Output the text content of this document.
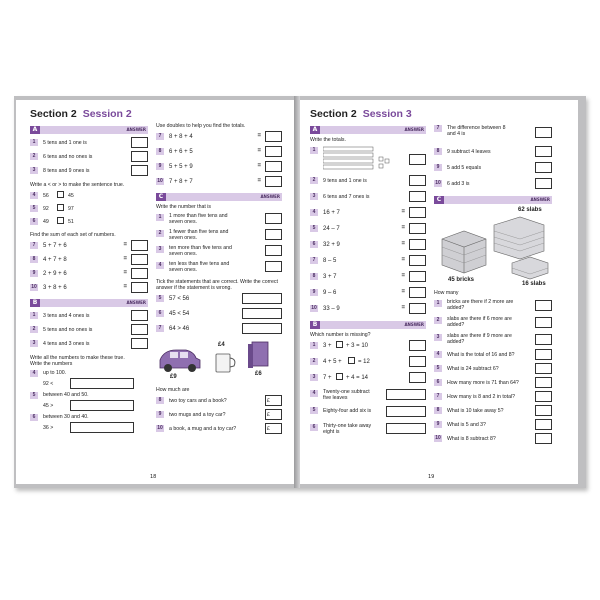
Section 2 Session 2
A	ANSWER
1	5 tens and 1 one is
2	6 tens and no ones is
3	8 tens and 9 ones is
Write a < or > to make the sentence true.
4	56	45
5	92	97
6	49	51
Find the sum of each set of numbers.
7	5 + 7 + 6	=
8	4 + 7 + 8	=
9	2 + 9 + 6	=
10 3 + 8 + 6	=
B	ANSWER
1	3 tens and 4 ones is
2	5 tens and no ones is
3	4 tens and 3 ones is
Write all the numbers to make these true.
Write the numbers
4	up to 100.
92 <
5	between 40 and 50.
45 >
6	between 30 and 40.
36 >
Use doubles to help you find the totals.
7	8 + 8 + 4	=
8	6 + 6 + 5	=
9	5 + 5 + 9	=
10 7 + 8 + 7	=
C	ANSWER
Write the number that is
1	1 more than five tens and seven ones.
2	1 fewer than five tens and seven ones.
3	ten more than five tens and seven ones.
4	ten less than five tens and seven ones.
Tick the statements that are correct. Write the correct answer if the statement is wrong.
5	57 < 56
6	45 < 54
7	64 > 46
£9
£4
£6
How much are
8	two toy cars and a book?	£
9	two mugs and a toy car?	£
10 a book, a mug and a toy car?	£
18
Section 2 Session 3
A	ANSWER
Write the totals.
1
2	9 tens and 1 one is
3	6 tens and 7 ones is
4	16 + 7	=
5	24 – 7	=
6	32 + 9	=
7	8 – 5	=
8	3 + 7	=
9	9 – 6	=
10 33 – 9	=
B	ANSWER
Which number is missing?
1	3 + + 3 = 10
2	4 + 5 +	= 12
3	7 + + 4 = 14
4	Twenty-one subtract five leaves
5	Eighty-four add six is
6	Thirty-one take away eight is
7	The difference between 8 and 4 is
8	9 subtract 4 leaves
9	5 add 5 equals
10 6 add 3 is
C	ANSWER
62 slabs
45 bricks
16 slabs
How many
1	bricks are there if 2 more are added?
2	slabs are there if 6 more are added?
3	slabs are there if 9 more are added?
4	What is the total of 16 and 8?
5	What is 24 subtract 6?
6	How many more is 71 than 64?
7	How many is 8 and 2 in total?
8	What is 10 take away 5?
9	What is 5 and 3?
10 What is 8 subtract 8?
19
